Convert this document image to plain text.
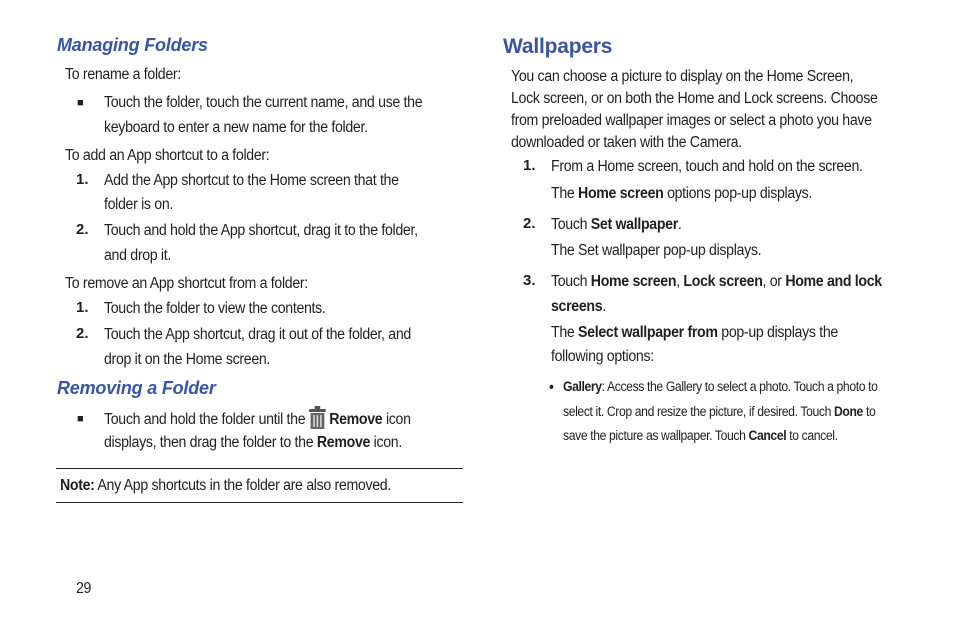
Managing Folders

To rename a folder:

■ Touch the folder, touch the current name, and use the

keyboard to enter a new name for the folder.

To add an App shortcut to a folder:

1. Add the App shortcut to the Home screen that the

folder is on.

2. Touch and hold the App shortcut, drag it to the folder,

and drop it.

To remove an App shortcut from a folder:

1. Touch the folder to view the contents.

2. Touch the App shortcut, drag it out of the folder, and

drop it on the Home screen.

Removing a Folder
■ Touch and hold the folder until the Remove icon

displays, then drag the folder to the Remove icon.

Note: Any App shortcuts in the folder are also removed.

29

Wallpapers

You can choose a picture to display on the Home Screen,

Lock screen, or on both the Home and Lock screens. Choose

from preloaded wallpaper images or select a photo you have

downloaded or taken with the Camera.

1. From a Home screen, touch and hold on the screen.

The Home screen options pop-up displays.

2. Touch Set wallpaper.

The Set wallpaper pop-up displays.

3. Touch Home screen, Lock screen, or Home and lock

screens.

The Select wallpaper from pop-up displays the

following options:

• Gallery: Access the Gallery to select a photo. Touch a photo to

select it. Crop and resize the picture, if desired. Touch Done to

save the picture as wallpaper. Touch Cancel to cancel.
